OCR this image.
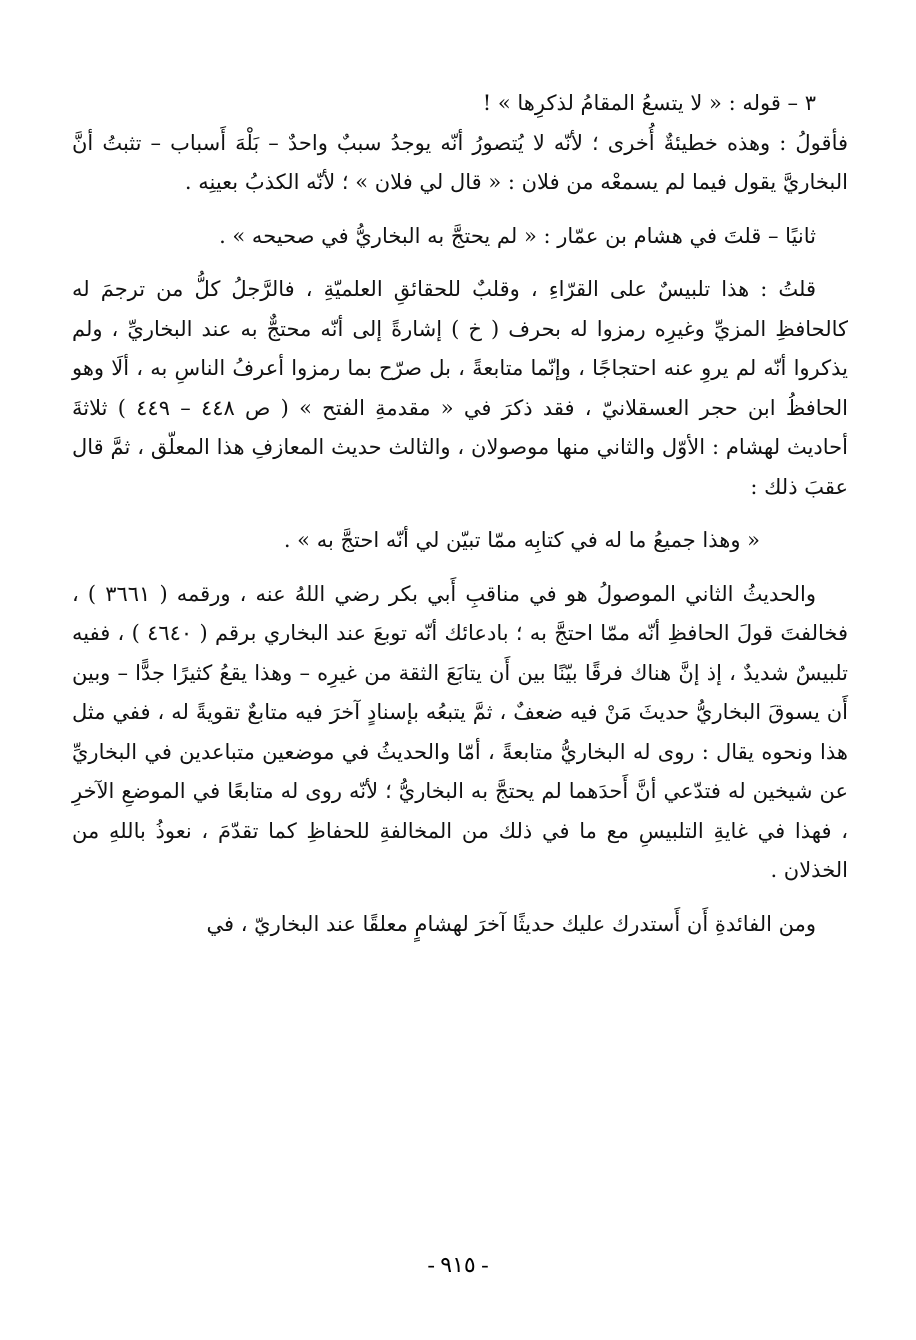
٣ – قوله : « لا يتسعُ المقامُ لذكرِها » !

فأقولُ : وهذه خطيئةٌ أُخرى ؛ لأنّه لا يُتصورُ أنّه يوجدُ سببٌ واحدٌ – بَلْهَ أَسباب – تثبتُ أنَّ البخاريَّ يقول فيما لم يسمعْه من فلان : « قال لي فلان » ؛ لأنّه الكذبُ بعينِه .

ثانيًا – قلتَ في هشام بن عمّار : « لم يحتجَّ به البخاريُّ في صحيحه » .

قلتُ : هذا تلبيسٌ على القرّاءِ ، وقلبٌ للحقائقِ العلميّةِ ، فالرَّجلُ كلُّ من ترجمَ له كالحافظِ المزيِّ وغيرِه رمزوا له بحرف ( خ ) إشارةً إلى أنّه محتجٌّ به عند البخاريِّ ، ولم يذكروا أنّه لم يروِ عنه احتجاجًا ، وإنّما متابعةً ، بل صرّح بما رمزوا أعرفُ الناسِ به ، ألَا وهو الحافظُ ابن حجر العسقلانيّ ، فقد ذكرَ في « مقدمةِ الفتح » ( ص ٤٤٨ – ٤٤٩ ) ثلاثةَ أحاديث لهشام : الأوّل والثاني منها موصولان ، والثالث حديث المعازفِ هذا المعلّق ، ثمَّ قال عقبَ ذلك :

« وهذا جميعُ ما له في كتابِه ممّا تبيّن لي أنّه احتجَّ به » .

والحديثُ الثاني الموصولُ هو في مناقبِ أَبي بكر رضي اللهُ عنه ، ورقمه ( ٣٦٦١ ) ، فخالفتَ قولَ الحافظِ أنّه ممّا احتجَّ به ؛ بادعائك أنّه توبعَ عند البخاري برقم ( ٤٦٤٠ ) ، ففيه تلبيسٌ شديدٌ ، إذ إنَّ هناك فرقًا بيّنًا بين أَن يتابَعَ الثقة من غيرِه – وهذا يقعُ كثيرًا جدًّا – وبين أَن يسوقَ البخاريُّ حديثَ مَنْ فيه ضعفٌ ، ثمَّ يتبعُه بإسنادٍ آخرَ فيه متابعٌ تقويةً له ، ففي مثل هذا ونحوه يقال : روى له البخاريُّ متابعةً ، أمّا والحديثُ في موضعين متباعدين في البخاريِّ عن شيخين له فتدّعي أنَّ أَحدَهما لم يحتجَّ به البخاريُّ ؛ لأنّه روى له متابعًا في الموضعِ الآخرِ ، فهذا في غايةِ التلبيسِ مع ما في ذلك من المخالفةِ للحفاظِ كما تقدّمَ ، نعوذُ باللهِ من الخذلان .

ومن الفائدةِ أَن أَستدرك عليك حديثًا آخرَ لهشامٍ معلقًا عند البخاريّ ، في

- ٩١٥ -
